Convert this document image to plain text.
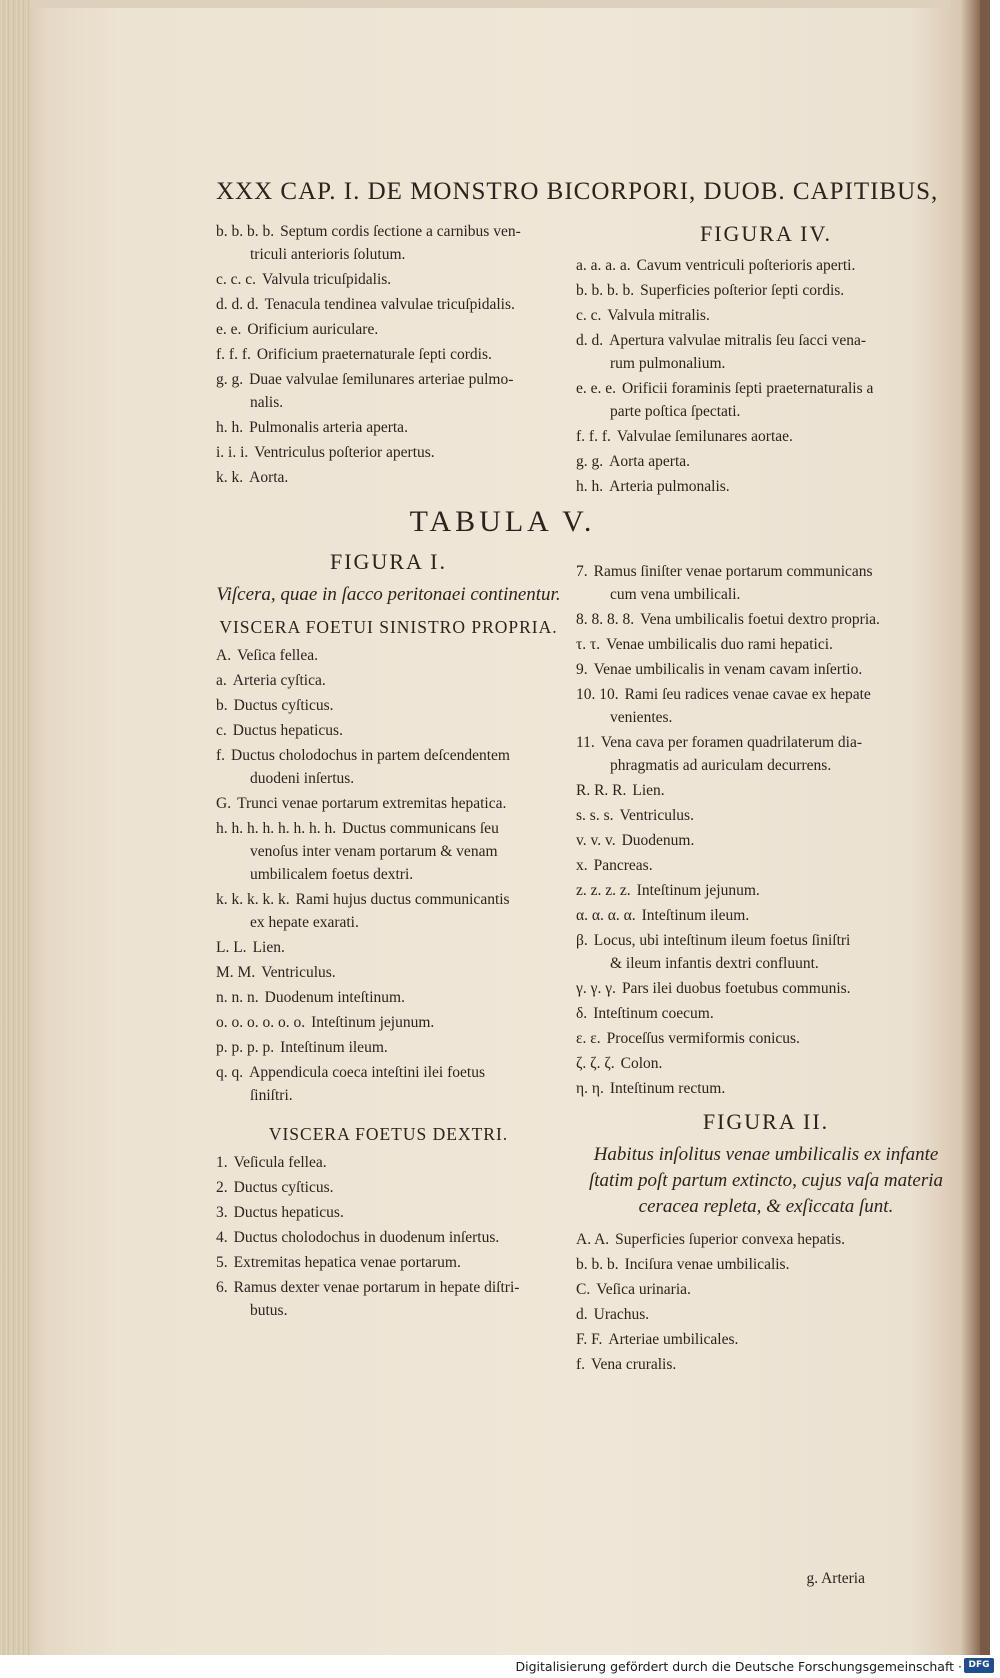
XXX CAP. I. DE MONSTRO BICORPORI, DUOB. CAPITIBUS,
b. b. b. b. Septum cordis ſectione a carnibus ven-
triculi anterioris ſolutum.
c. c. c. Valvula tricuſpidalis.
d. d. d. Tenacula tendinea valvulae tricuſpidalis.
e. e. Orificium auriculare.
f. f. f. Orificium praeternaturale ſepti cordis.
g. g. Duae valvulae ſemilunares arteriae pulmo-
nalis.
h. h. Pulmonalis arteria aperta.
i. i. i. Ventriculus poſterior apertus.
k. k. Aorta.
FIGURA IV.
a. a. a. a. Cavum ventriculi poſterioris aperti.
b. b. b. b. Superficies poſterior ſepti cordis.
c. c. Valvula mitralis.
d. d. Apertura valvulae mitralis ſeu ſacci vena-
rum pulmonalium.
e. e. e. Orificii foraminis ſepti praeternaturalis a
parte poſtica ſpectati.
f. f. f. Valvulae ſemilunares aortae.
g. g. Aorta aperta.
h. h. Arteria pulmonalis.
TABULA V.
FIGURA I.
Viſcera, quae in ſacco peritonaei continentur.
VISCERA FOETUI SINISTRO PROPRIA.
A. Veſica fellea.
a. Arteria cyſtica.
b. Ductus cyſticus.
c. Ductus hepaticus.
f. Ductus cholodochus in partem deſcendentem
duodeni inſertus.
G. Trunci venae portarum extremitas hepatica.
h. h. h. h. h. h. h. h. Ductus communicans ſeu
venoſus inter venam portarum & venam umbilicalem foetus dextri.
k. k. k. k. k. Rami hujus ductus communicantis
ex hepate exarati.
L. L. Lien.
M. M. Ventriculus.
n. n. n. Duodenum inteſtinum.
o. o. o. o. o. o. Inteſtinum jejunum.
p. p. p. p. Inteſtinum ileum.
q. q. Appendicula coeca inteſtini ilei foetus
ſiniſtri.
VISCERA FOETUS DEXTRI.
1. Veſicula fellea.
2. Ductus cyſticus.
3. Ductus hepaticus.
4. Ductus cholodochus in duodenum inſertus.
5. Extremitas hepatica venae portarum.
6. Ramus dexter venae portarum in hepate diſtri-
butus.
7. Ramus ſiniſter venae portarum communicans
cum vena umbilicali.
8. 8. 8. 8. Vena umbilicalis foetui dextro propria.
τ. τ. Venae umbilicalis duo rami hepatici.
9. Venae umbilicalis in venam cavam inſertio.
10. 10. Rami ſeu radices venae cavae ex hepate
venientes.
11. Vena cava per foramen quadrilaterum dia-
phragmatis ad auriculam decurrens.
R. R. R. Lien.
s. s. s. Ventriculus.
v. v. v. Duodenum.
x. Pancreas.
z. z. z. z. Inteſtinum jejunum.
α. α. α. α. Inteſtinum ileum.
β. Locus, ubi inteſtinum ileum foetus ſiniſtri
& ileum infantis dextri confluunt.
γ. γ. γ. Pars ilei duobus foetubus communis.
δ. Inteſtinum coecum.
ε. ε. Proceſſus vermiformis conicus.
ζ. ζ. ζ. Colon.
η. η. Inteſtinum rectum.
FIGURA II.
Habitus inſolitus venae umbilicalis ex infante ſtatim poſt partum extincto, cujus vaſa materia ceracea repleta, & exſiccata ſunt.
A. A. Superficies ſuperior convexa hepatis.
b. b. b. Inciſura venae umbilicalis.
C. Veſica urinaria.
d. Urachus.
F. F. Arteriae umbilicales.
f. Vena cruralis.
g. Arteria
Digitalisierung gefördert durch die Deutsche Forschungsgemeinschaft · DFG
